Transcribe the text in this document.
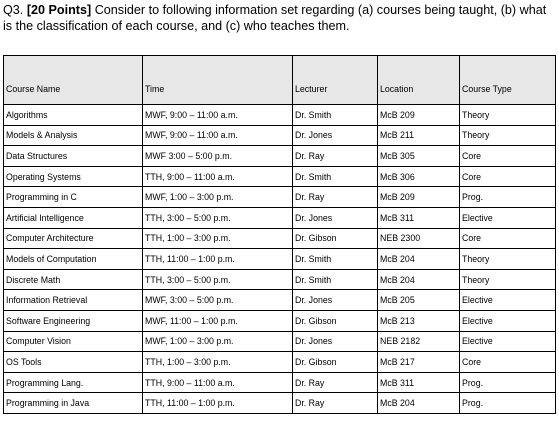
Q3. [20 Points] Consider to following information set regarding (a) courses being taught, (b) what is the classification of each course, and (c) who teaches them.

Course Name	Time	Lecturer	Location	Course Type
Algorithms	MWF, 9:00 – 11:00 a.m.	Dr. Smith	McB 209	Theory
Models & Analysis	MWF, 9:00 – 11:00 a.m.	Dr. Jones	McB 211	Theory
Data Structures	MWF 3:00 – 5:00 p.m.	Dr. Ray	McB 305	Core
Operating Systems	TTH, 9:00 – 11:00 a.m.	Dr. Smith	McB 306	Core
Programming in C	MWF, 1:00 – 3:00 p.m.	Dr. Ray	McB 209	Prog.
Artificial Intelligence	TTH, 3:00 – 5:00 p.m.	Dr. Jones	McB 311	Elective
Computer Architecture	TTH, 1:00 – 3:00 p.m.	Dr. Gibson	NEB 2300	Core
Models of Computation	TTH, 11:00 – 1:00 p.m.	Dr. Smith	McB 204	Theory
Discrete Math	TTH, 3:00 – 5:00 p.m.	Dr. Smith	McB 204	Theory
Information Retrieval	MWF, 3:00 – 5:00 p.m.	Dr. Jones	McB 205	Elective
Software Engineering	MWF, 11:00 – 1:00 p.m.	Dr. Gibson	McB 213	Elective
Computer Vision	MWF, 1:00 – 3:00 p.m.	Dr. Jones	NEB 2182	Elective
OS Tools	TTH, 1:00 – 3:00 p.m.	Dr. Gibson	McB 217	Core
Programming Lang.	TTH, 9:00 – 11:00 a.m.	Dr. Ray	McB 311	Prog.
Programming in Java	TTH, 11:00 – 1:00 p.m.	Dr. Ray	McB 204	Prog.
